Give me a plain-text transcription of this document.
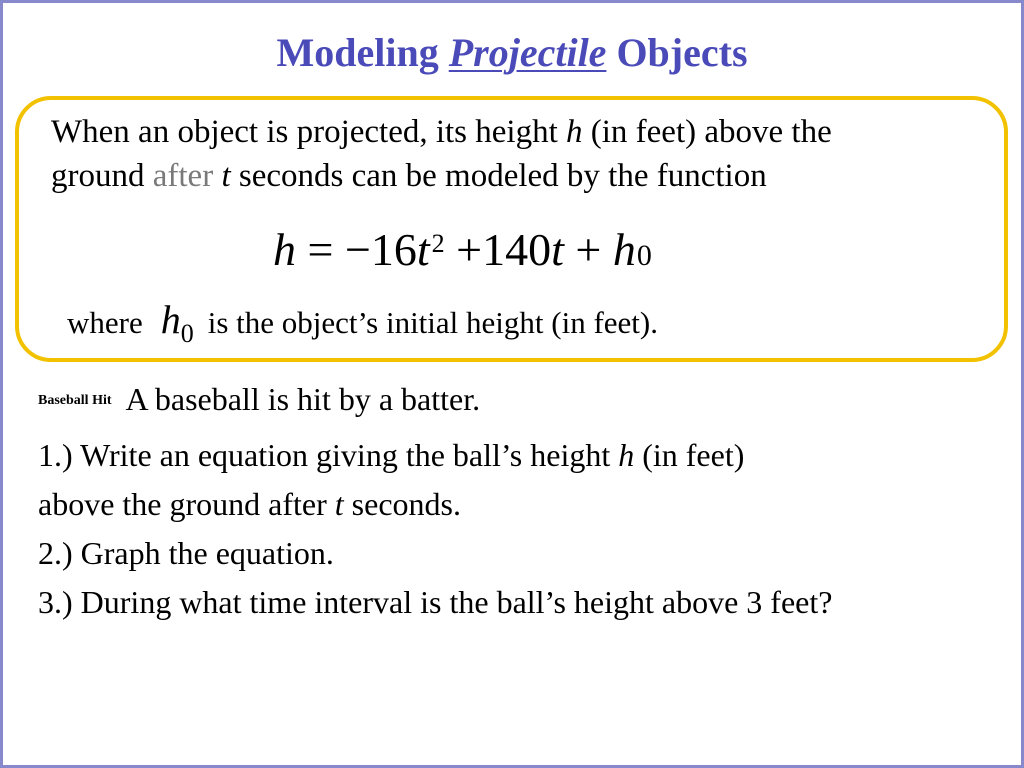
Modeling Projectile Objects
When an object is projected, its height h (in feet) above the
ground after t seconds can be modeled by the function
$h = -16t^2 +140t + h_0$
where $h_0$ is the object’s initial height (in feet).

Baseball Hit A baseball is hit by a batter.

1.) Write an equation giving the ball’s height h (in feet)
above the ground after t seconds.

2.) Graph the equation.

3.) During what time interval is the ball’s height above 3 feet?
